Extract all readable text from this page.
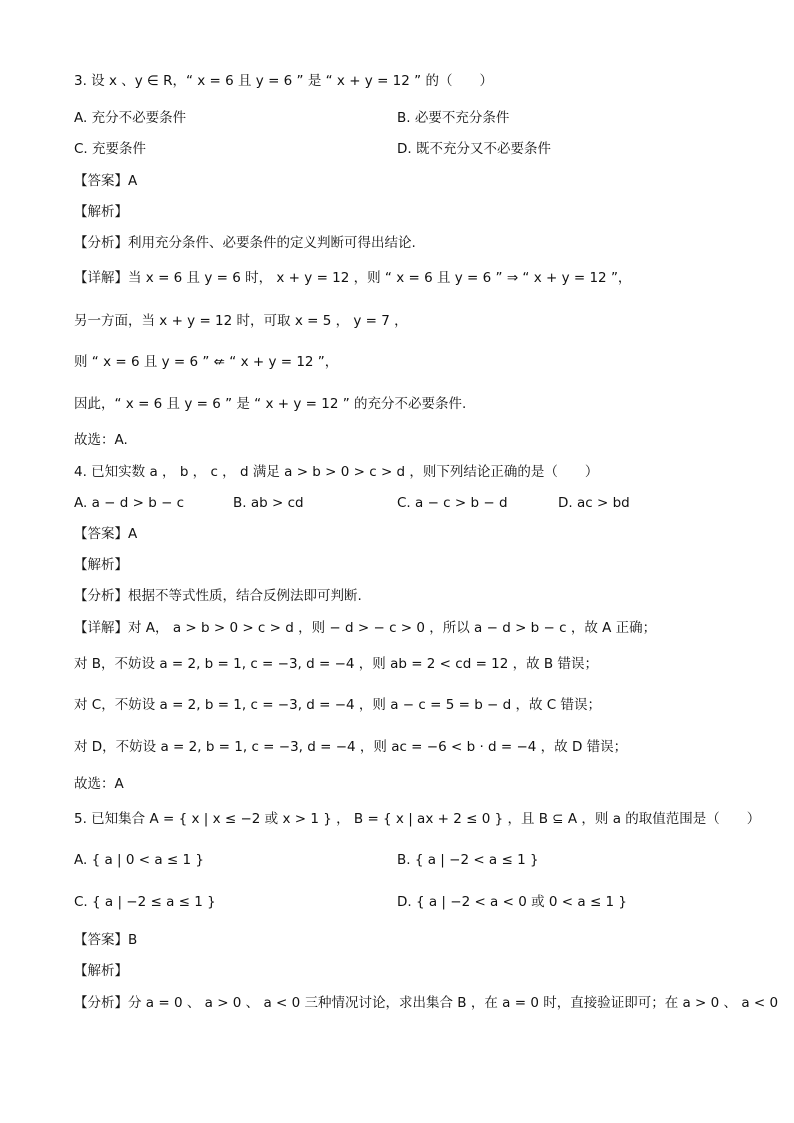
3. 设 x 、y ∈ R，“ x = 6 且 y = 6 ” 是 “ x + y = 12 ” 的（　　）
A. 充分不必要条件	B. 必要不充分条件
C. 充要条件	D. 既不充分又不必要条件
【答案】A
【解析】
【分析】利用充分条件、必要条件的定义判断可得出结论.
【详解】当 x = 6 且 y = 6 时， x + y = 12 ，则 “ x = 6 且 y = 6 ” ⇒ “ x + y = 12 ”，
另一方面，当 x + y = 12 时，可取 x = 5 ， y = 7 ，
则 “ x = 6 且 y = 6 ” ⇍ “ x + y = 12 ”，
因此，“ x = 6 且 y = 6 ” 是 “ x + y = 12 ” 的充分不必要条件.
故选：A.
4. 已知实数 a ， b ， c ， d 满足 a > b > 0 > c > d ，则下列结论正确的是（　　）
A. a − d > b − c	B. ab > cd	C. a − c > b − d	D. ac > bd
【答案】A
【解析】
【分析】根据不等式性质，结合反例法即可判断.
【详解】对 A， a > b > 0 > c > d ，则 − d > − c > 0 ，所以 a − d > b − c ，故 A 正确；
对 B，不妨设 a = 2, b = 1, c = −3, d = −4 ，则 ab = 2 < cd = 12 ，故 B 错误；
对 C，不妨设 a = 2, b = 1, c = −3, d = −4 ，则 a − c = 5 = b − d ，故 C 错误；
对 D，不妨设 a = 2, b = 1, c = −3, d = −4 ，则 ac = −6 < b · d = −4 ，故 D 错误；
故选：A
5. 已知集合 A = { x | x ≤ −2 或 x > 1 } ， B = { x | ax + 2 ≤ 0 } ，且 B ⊆ A ，则 a 的取值范围是（　　）
A. { a | 0 < a ≤ 1 }	B. { a | −2 < a ≤ 1 }
C. { a | −2 ≤ a ≤ 1 }	D. { a | −2 < a < 0 或 0 < a ≤ 1 }
【答案】B
【解析】
【分析】分 a = 0 、 a > 0 、 a < 0 三种情况讨论，求出集合 B ，在 a = 0 时，直接验证即可；在 a > 0 、 a < 0
